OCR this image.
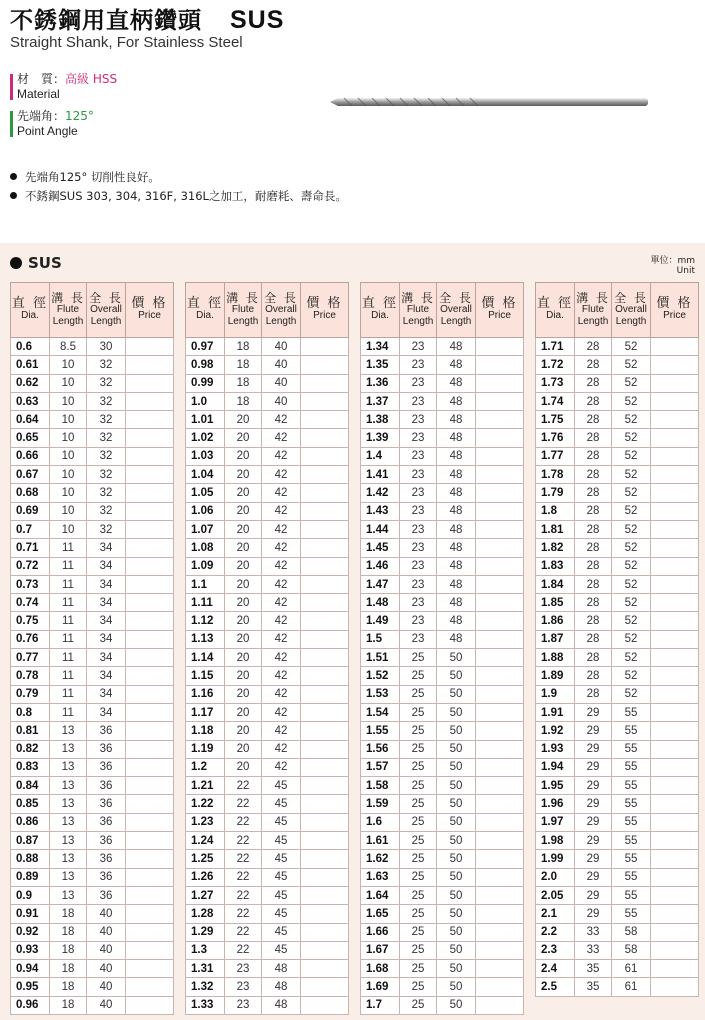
不銹鋼用直柄鑽頭 SUS
Straight Shank, For Stainless Steel
材　質：高級 HSS
Material
先端角：125°
Point Angle
先端角125° 切削性良好。
不銹鋼SUS 303, 304, 316F, 316L之加工，耐磨耗、壽命長。
SUS	單位：mm
Unit
直 徑
Dia.	溝 長
Flute
Length	全 長
Overall
Length	價 格
Price

0.6	8.5	30	
0.61	10	32	
0.62	10	32	
0.63	10	32	
0.64	10	32	
0.65	10	32	
0.66	10	32	
0.67	10	32	
0.68	10	32	
0.69	10	32	
0.7	10	32	
0.71	11	34	
0.72	11	34	
0.73	11	34	
0.74	11	34	
0.75	11	34	
0.76	11	34	
0.77	11	34	
0.78	11	34	
0.79	11	34	
0.8	11	34	
0.81	13	36	
0.82	13	36	
0.83	13	36	
0.84	13	36	
0.85	13	36	
0.86	13	36	
0.87	13	36	
0.88	13	36	
0.89	13	36	
0.9	13	36	
0.91	18	40	
0.92	18	40	
0.93	18	40	
0.94	18	40	
0.95	18	40	
0.96	18	40	
直 徑
Dia.	溝 長
Flute
Length	全 長
Overall
Length	價 格
Price

0.97	18	40	
0.98	18	40	
0.99	18	40	
1.0	18	40	
1.01	20	42	
1.02	20	42	
1.03	20	42	
1.04	20	42	
1.05	20	42	
1.06	20	42	
1.07	20	42	
1.08	20	42	
1.09	20	42	
1.1	20	42	
1.11	20	42	
1.12	20	42	
1.13	20	42	
1.14	20	42	
1.15	20	42	
1.16	20	42	
1.17	20	42	
1.18	20	42	
1.19	20	42	
1.2	20	42	
1.21	22	45	
1.22	22	45	
1.23	22	45	
1.24	22	45	
1.25	22	45	
1.26	22	45	
1.27	22	45	
1.28	22	45	
1.29	22	45	
1.3	22	45	
1.31	23	48	
1.32	23	48	
1.33	23	48	
直 徑
Dia.	溝 長
Flute
Length	全 長
Overall
Length	價 格
Price

1.34	23	48	
1.35	23	48	
1.36	23	48	
1.37	23	48	
1.38	23	48	
1.39	23	48	
1.4	23	48	
1.41	23	48	
1.42	23	48	
1.43	23	48	
1.44	23	48	
1.45	23	48	
1.46	23	48	
1.47	23	48	
1.48	23	48	
1.49	23	48	
1.5	23	48	
1.51	25	50	
1.52	25	50	
1.53	25	50	
1.54	25	50	
1.55	25	50	
1.56	25	50	
1.57	25	50	
1.58	25	50	
1.59	25	50	
1.6	25	50	
1.61	25	50	
1.62	25	50	
1.63	25	50	
1.64	25	50	
1.65	25	50	
1.66	25	50	
1.67	25	50	
1.68	25	50	
1.69	25	50	
1.7	25	50	
直 徑
Dia.	溝 長
Flute
Length	全 長
Overall
Length	價 格
Price

1.71	28	52	
1.72	28	52	
1.73	28	52	
1.74	28	52	
1.75	28	52	
1.76	28	52	
1.77	28	52	
1.78	28	52	
1.79	28	52	
1.8	28	52	
1.81	28	52	
1.82	28	52	
1.83	28	52	
1.84	28	52	
1.85	28	52	
1.86	28	52	
1.87	28	52	
1.88	28	52	
1.89	28	52	
1.9	28	52	
1.91	29	55	
1.92	29	55	
1.93	29	55	
1.94	29	55	
1.95	29	55	
1.96	29	55	
1.97	29	55	
1.98	29	55	
1.99	29	55	
2.0	29	55	
2.05	29	55	
2.1	29	55	
2.2	33	58	
2.3	33	58	
2.4	35	61	
2.5	35	61	
